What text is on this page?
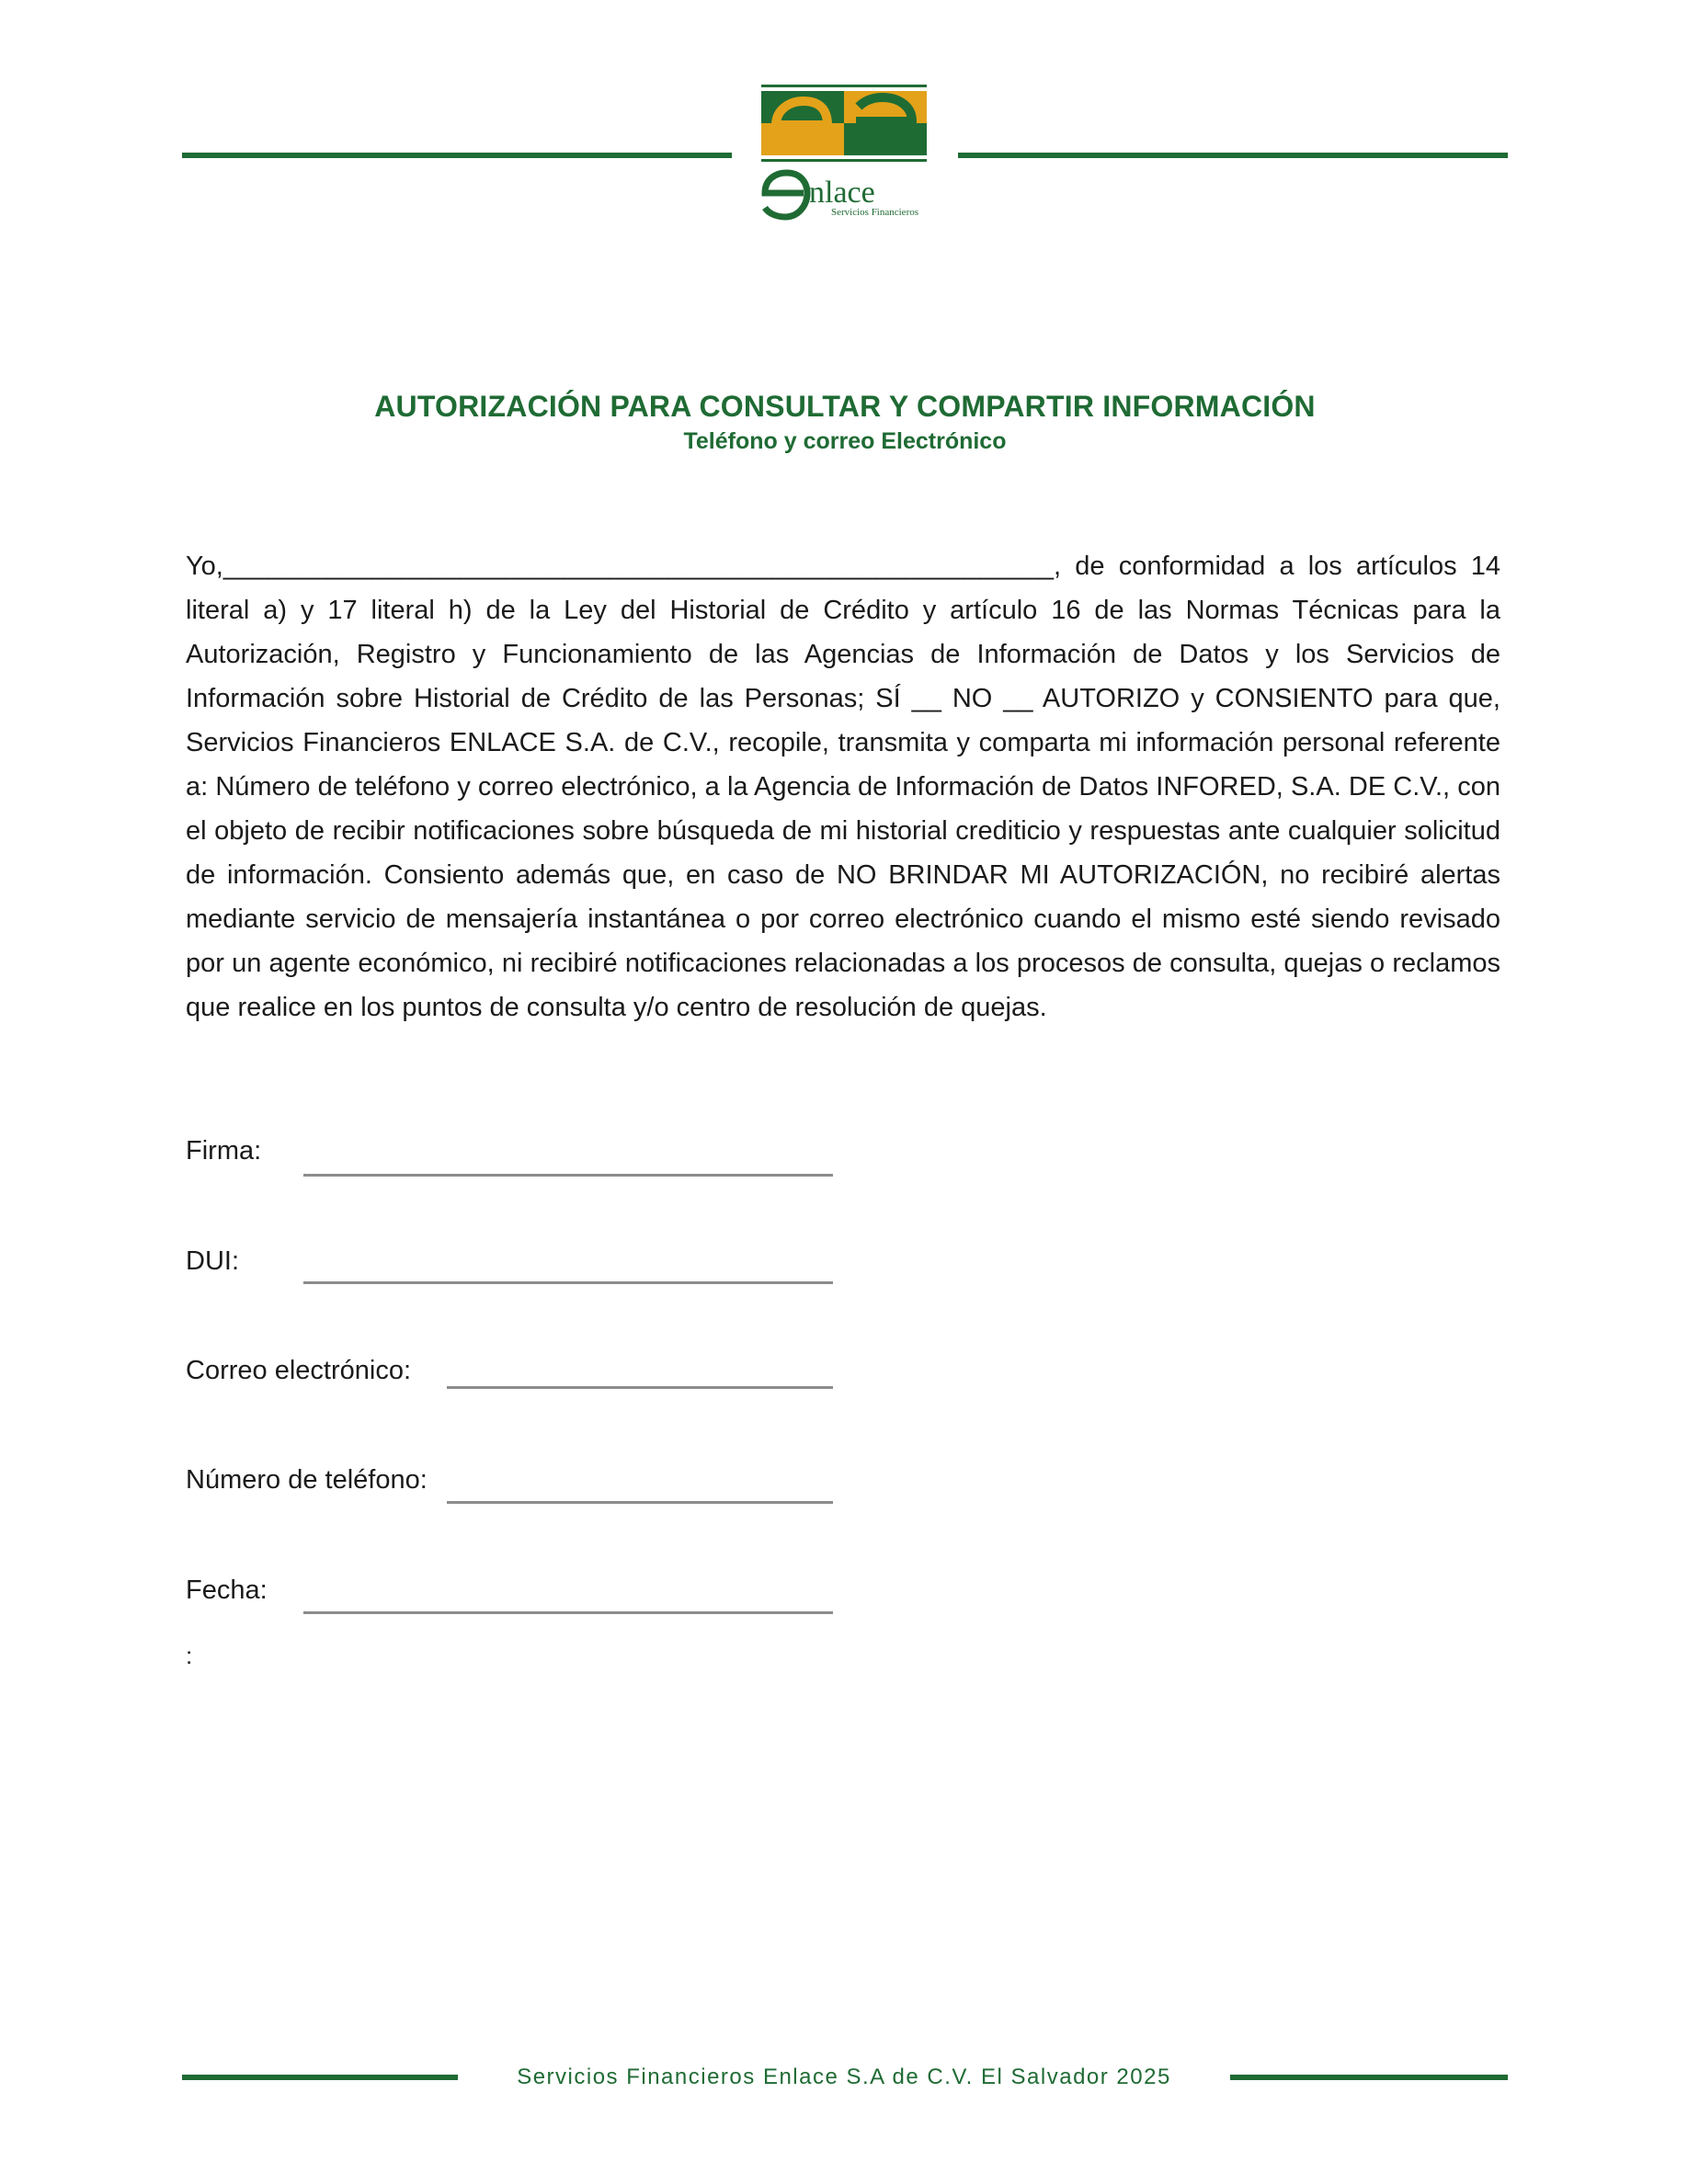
nlace
Servicios Financieros
AUTORIZACIÓN PARA CONSULTAR Y COMPARTIR INFORMACIÓN
Teléfono y correo Electrónico
Yo,________________________________________________________, de conformidad a los artículos 14 literal a) y 17 literal h) de la Ley del Historial de Crédito y artículo 16 de las Normas Técnicas para la Autorización, Registro y Funcionamiento de las Agencias de Información de Datos y los Servicios de Información sobre Historial de Crédito de las Personas; SÍ __ NO __ AUTORIZO y CONSIENTO para que, Servicios Financieros ENLACE S.A. de C.V., recopile, transmita y comparta mi información personal referente a: Número de teléfono y correo electrónico, a la Agencia de Información de Datos INFORED, S.A. DE C.V., con el objeto de recibir notificaciones sobre búsqueda de mi historial crediticio y respuestas ante cualquier solicitud de información. Consiento además que, en caso de NO BRINDAR MI AUTORIZACIÓN, no recibiré alertas mediante servicio de mensajería instantánea o por correo electrónico cuando el mismo esté siendo revisado por un agente económico, ni recibiré notificaciones relacionadas a los procesos de consulta, quejas o reclamos que realice en los puntos de consulta y/o centro de resolución de quejas.
Firma:
DUI:
Correo electrónico:
Número de teléfono:
Fecha:
:
Servicios Financieros Enlace S.A de C.V. El Salvador 2025
